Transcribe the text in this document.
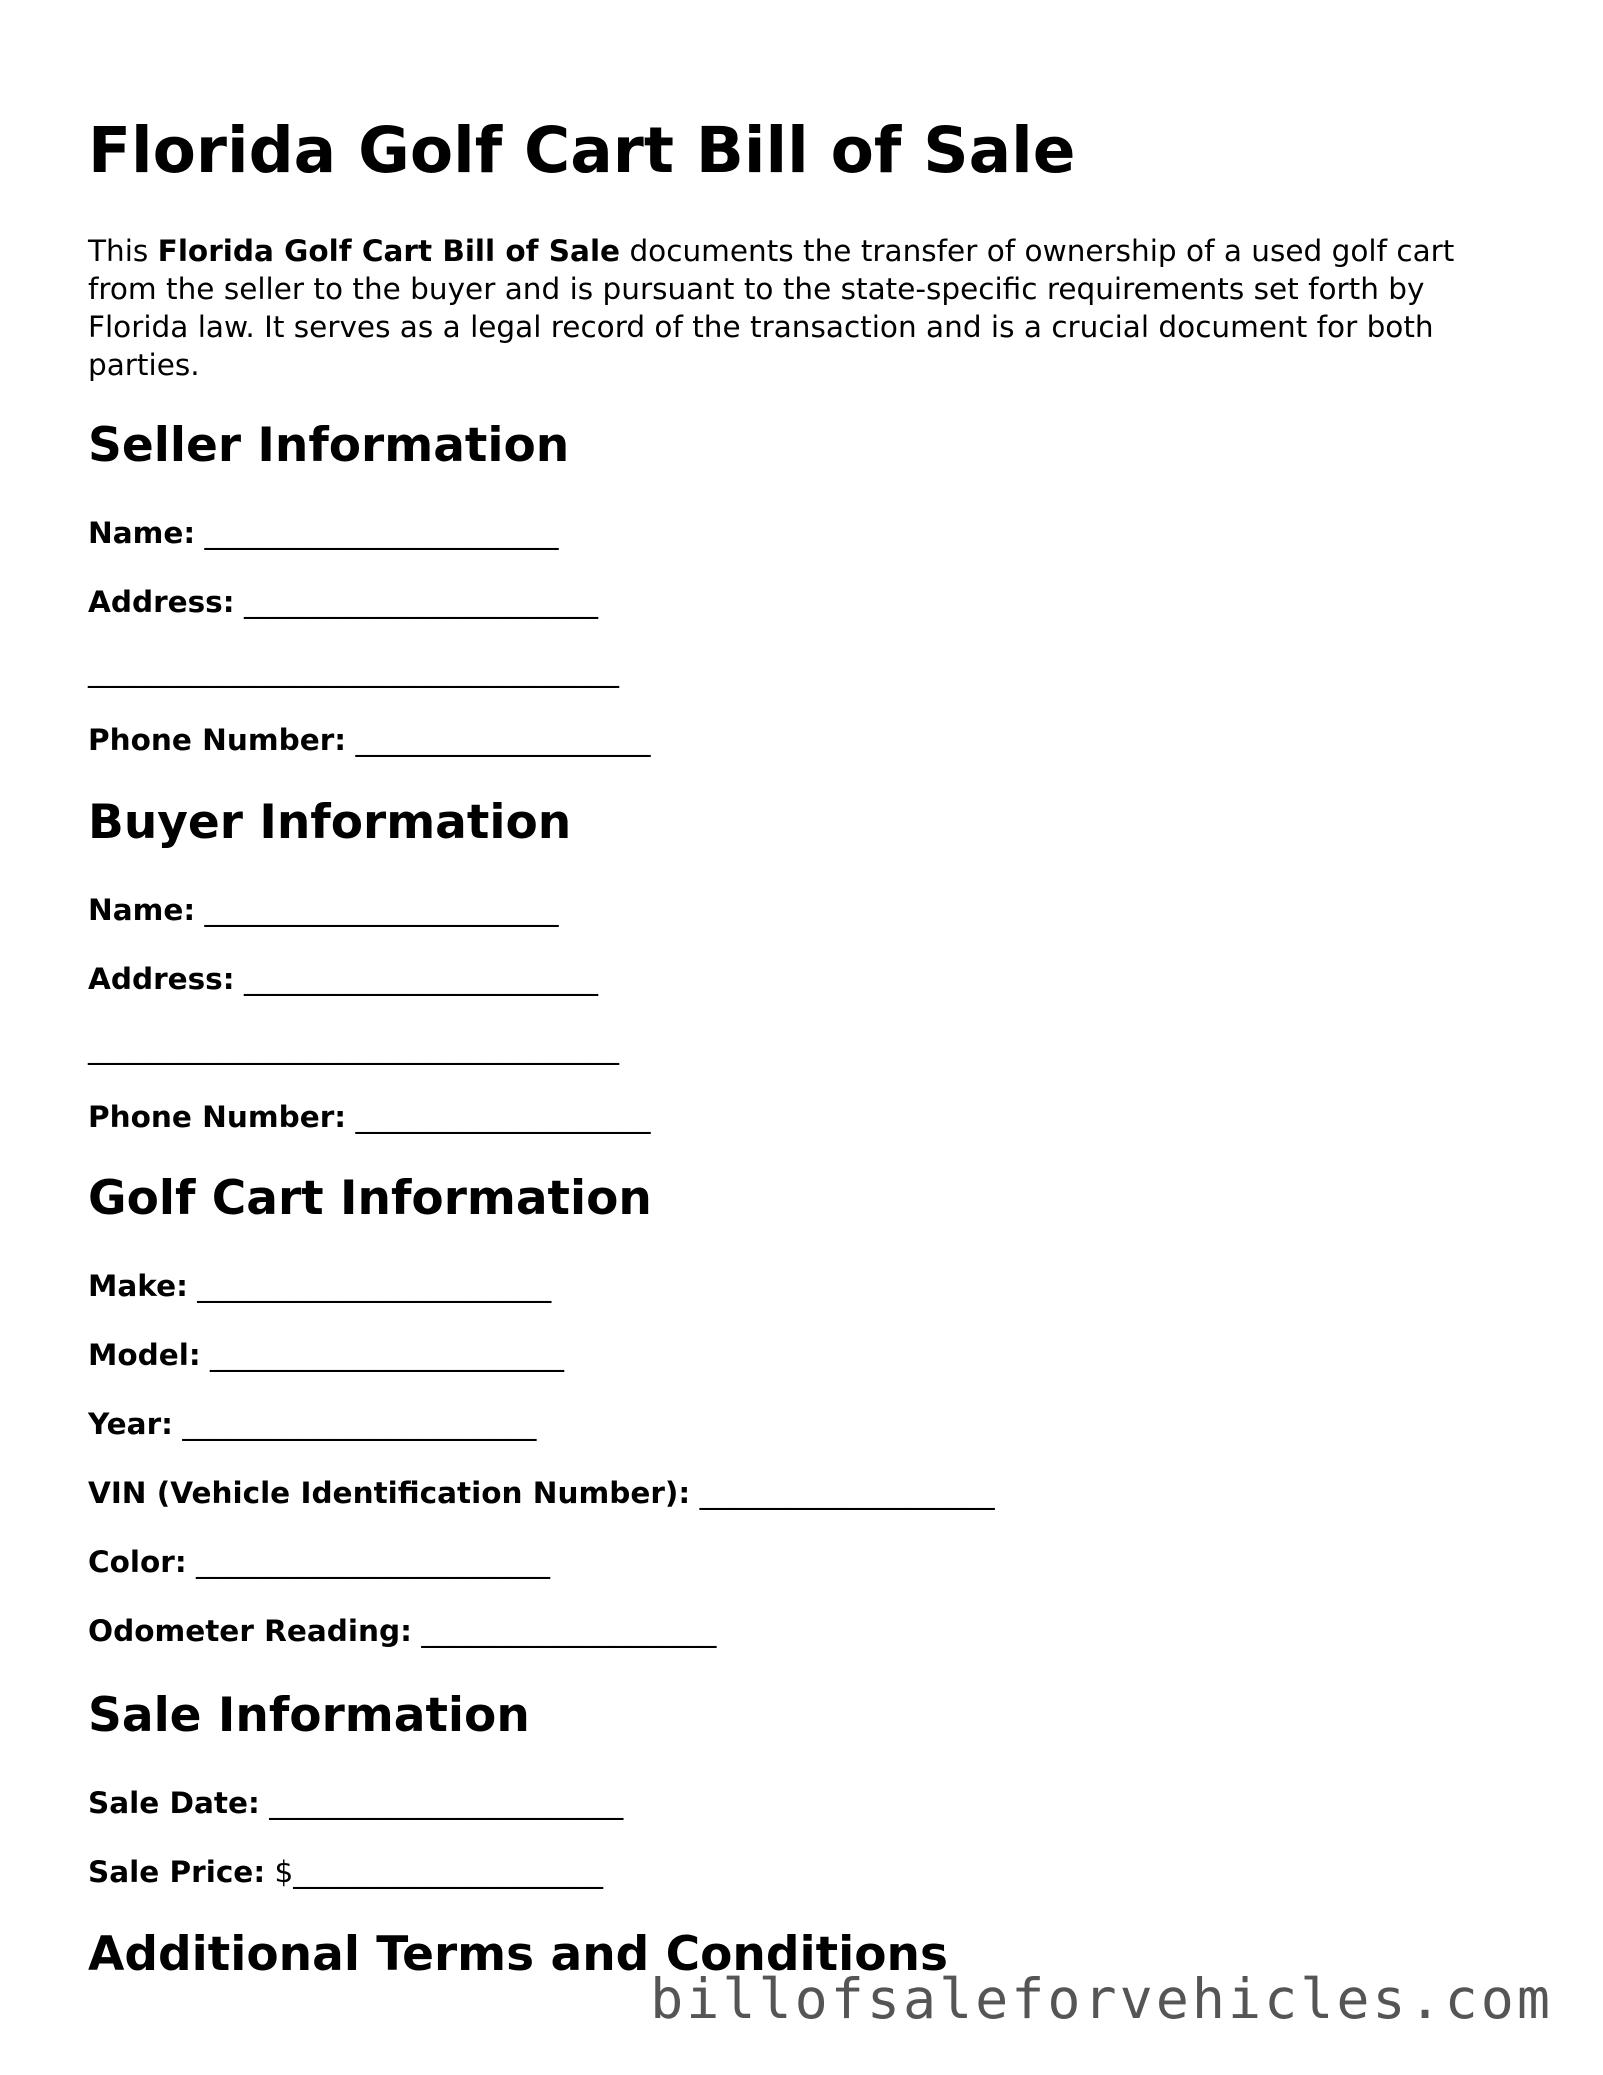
Florida Golf Cart Bill of Sale

This Florida Golf Cart Bill of Sale documents the transfer of ownership of a used golf cart from the seller to the buyer and is pursuant to the state-specific requirements set forth by Florida law. It serves as a legal record of the transaction and is a crucial document for both parties.

Seller Information

Name: ________________________

Address: ________________________

____________________________________

Phone Number: ____________________

Buyer Information

Name: ________________________

Address: ________________________

____________________________________

Phone Number: ____________________

Golf Cart Information

Make: ________________________

Model: ________________________

Year: ________________________

VIN (Vehicle Identification Number): ____________________

Color: ________________________

Odometer Reading: ____________________

Sale Information

Sale Date: ________________________

Sale Price: $_____________________

Additional Terms and Conditions
billofsaleforvehicles.com
